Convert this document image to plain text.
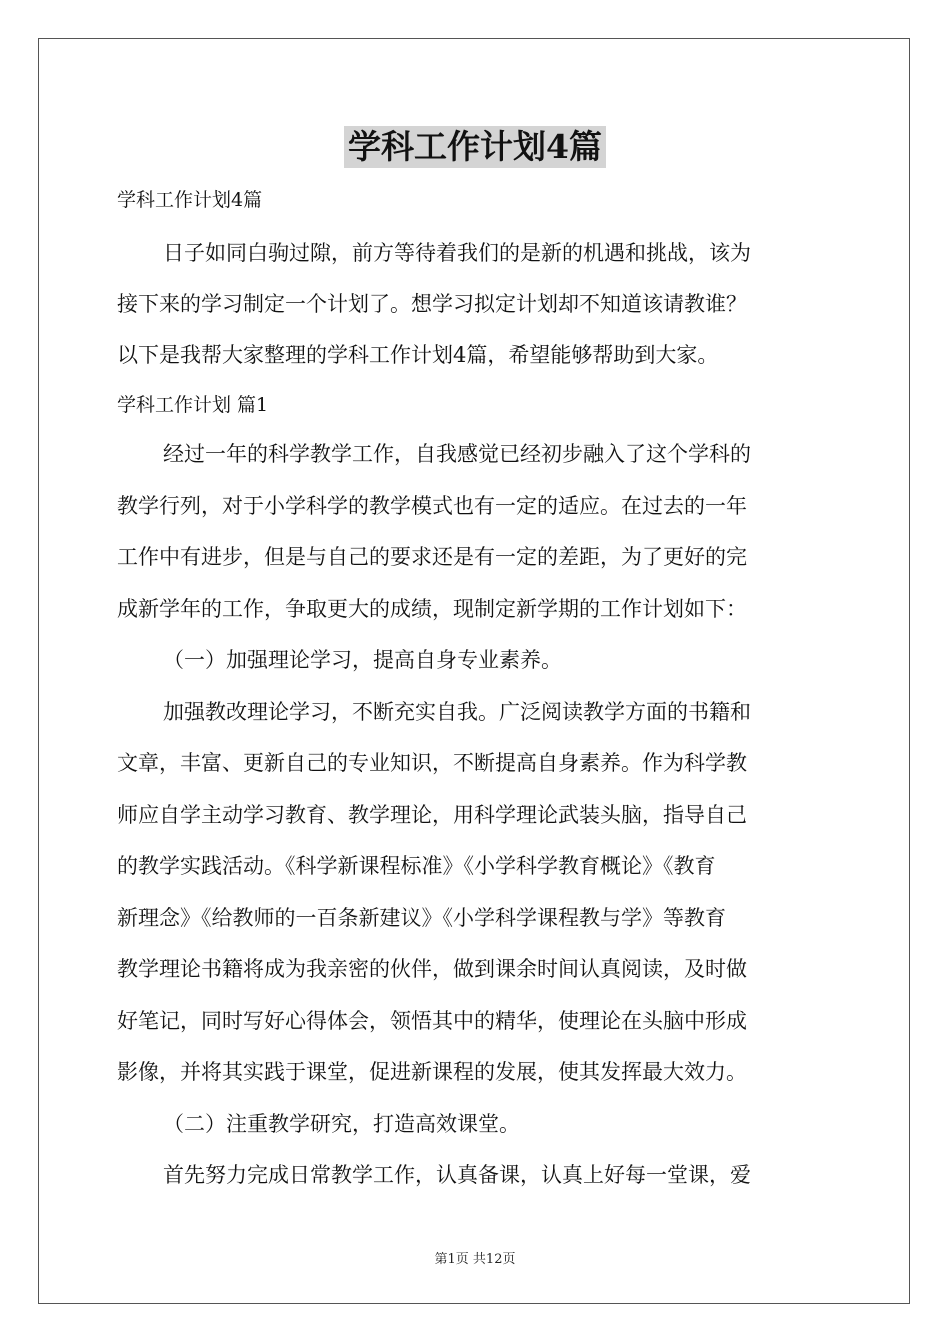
学科工作计划4篇

学科工作计划4篇

日子如同白驹过隙，前方等待着我们的是新的机遇和挑战，该为

接下来的学习制定一个计划了。想学习拟定计划却不知道该请教谁？

以下是我帮大家整理的学科工作计划4篇，希望能够帮助到大家。

学科工作计划 篇1

经过一年的科学教学工作，自我感觉已经初步融入了这个学科的

教学行列，对于小学科学的教学模式也有一定的适应。在过去的一年

工作中有进步，但是与自己的要求还是有一定的差距，为了更好的完

成新学年的工作，争取更大的成绩，现制定新学期的工作计划如下：

（一）加强理论学习，提高自身专业素养。

加强教改理论学习，不断充实自我。广泛阅读教学方面的书籍和

文章，丰富、更新自己的专业知识，不断提高自身素养。作为科学教

师应自学主动学习教育、教学理论，用科学理论武装头脑，指导自己

的教学实践活动。《科学新课程标准》《小学科学教育概论》《教育

新理念》《给教师的一百条新建议》《小学科学课程教与学》等教育

教学理论书籍将成为我亲密的伙伴，做到课余时间认真阅读，及时做

好笔记，同时写好心得体会，领悟其中的精华，使理论在头脑中形成

影像，并将其实践于课堂，促进新课程的发展，使其发挥最大效力。

（二）注重教学研究，打造高效课堂。

首先努力完成日常教学工作，认真备课，认真上好每一堂课，爱

第1页 共12页
